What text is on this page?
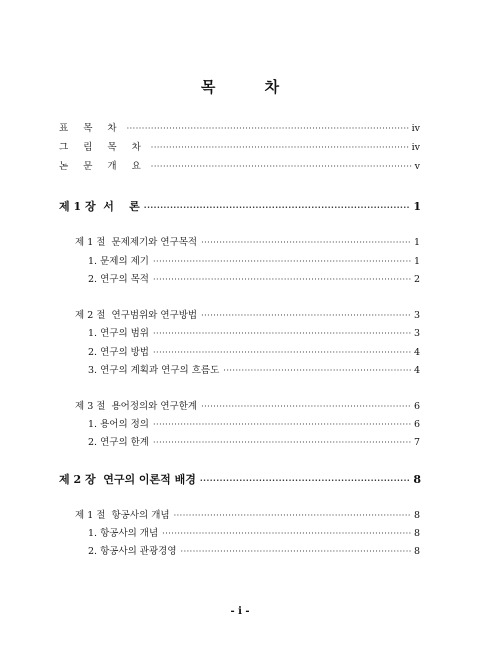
목 차
표 목 차 ·····	iv
그 림 목 차 ·····	iv
논 문 개 요 ·····	v
제 1 장  서    론 ·····	1
제 1 절  문제제기와 연구목적 ·····	1
1. 문제의 제기 ·····	1
2. 연구의 목적 ·····	2
제 2 절  연구범위와 연구방법 ·····	3
1. 연구의 범위 ·····	3
2. 연구의 방법 ·····	4
3. 연구의 계획과 연구의 흐름도 ·····	4
제 3 절  용어정의와 연구한계 ·····	6
1. 용어의 정의 ·····	6
2. 연구의 한계 ·····	7
제 2 장  연구의 이론적 배경 ·····	8
제 1 절  항공사의 개념 ·····	8
1. 항공사의 개념 ·····	8
2. 항공사의 관광경영 ·····	8
- i -
